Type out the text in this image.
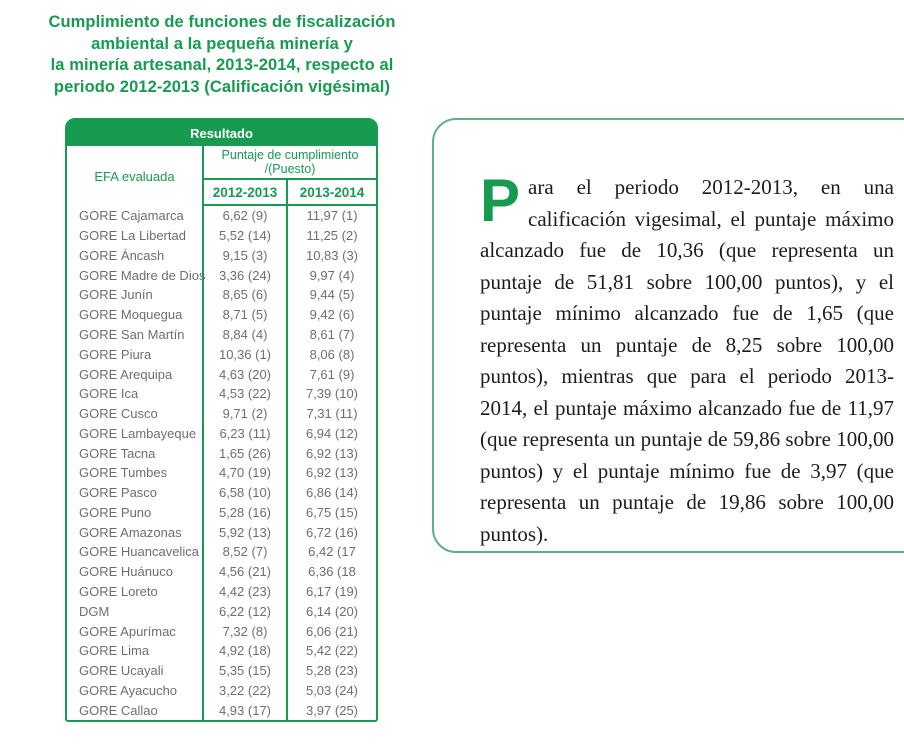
Cumplimiento de funciones de fiscalización
ambiental a la pequeña minería y
la minería artesanal, 2013-2014, respecto al
periodo 2012-2013 (Calificación vigésimal)
Resultado
EFA evaluada
Puntaje de cumplimiento
/(Puesto)
2012-2013	2013-2014
GORE Cajamarca	6,62 (9)	11,97 (1)
GORE La Libertad	5,52 (14)	11,25 (2)
GORE Áncash	9,15 (3)	10,83 (3)
GORE Madre de Dios	3,36 (24)	9,97 (4)
GORE Junín	8,65 (6)	9,44 (5)
GORE Moquegua	8,71 (5)	9,42 (6)
GORE San Martín	8,84 (4)	8,61 (7)
GORE Piura	10,36 (1)	8,06 (8)
GORE Arequipa	4,63 (20)	7,61 (9)
GORE Ica	4,53 (22)	7,39 (10)
GORE Cusco	9,71 (2)	7,31 (11)
GORE Lambayeque	6,23 (11)	6,94 (12)
GORE Tacna	1,65 (26)	6,92 (13)
GORE Tumbes	4,70 (19)	6,92 (13)
GORE Pasco	6,58 (10)	6,86 (14)
GORE Puno	5,28 (16)	6,75 (15)
GORE Amazonas	5,92 (13)	6,72 (16)
GORE Huancavelica	8,52 (7)	6,42 (17
GORE Huánuco	4,56 (21)	6,36 (18
GORE Loreto	4,42 (23)	6,17 (19)
DGM	6,22 (12)	6,14 (20)
GORE Apurímac	7,32 (8)	6,06 (21)
GORE Lima	4,92 (18)	5,42 (22)
GORE Ucayali	5,35 (15)	5,28 (23)
GORE Ayacucho	3,22 (22)	5,03 (24)
GORE Callao	4,93 (17)	3,97 (25)
Para el periodo 2012-2013, en una calificación vigesimal, el puntaje máximo alcanzado fue de 10,36 (que representa un puntaje de 51,81 sobre 100,00 puntos), y el puntaje mínimo alcanzado fue de 1,65 (que representa un puntaje de 8,25 sobre 100,00 puntos), mientras que para el periodo 2013-2014, el puntaje máximo alcanzado fue de 11,97 (que representa un puntaje de 59,86 sobre 100,00 puntos) y el puntaje mínimo fue de 3,97 (que representa un puntaje de 19,86 sobre 100,00 puntos).
